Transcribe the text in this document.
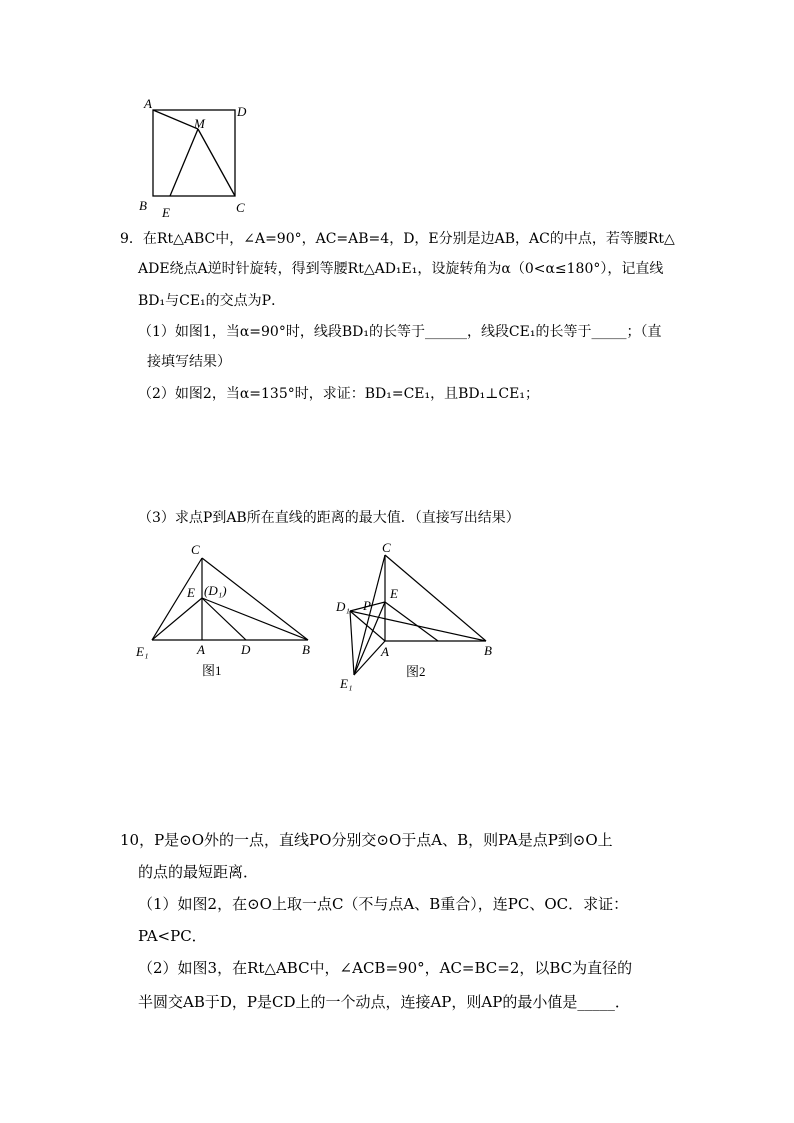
A
D
M
B E	C
9．在Rt△ABC中，∠A=90°，AC=AB=4，D，E分别是边AB，AC的中点，若等腰Rt△
ADE绕点A逆时针旋转，得到等腰Rt△AD₁E₁，设旋转角为α（0<α≤180°），记直线
BD₁与CE₁的交点为P．
（1）如图1，当α=90°时，线段BD₁的长等于______，线段CE₁的长等于_____；（直
接填写结果）
（2）如图2，当α=135°时，求证：BD₁=CE₁，且BD₁⊥CE₁；
（3）求点P到AB所在直线的距离的最大值．（直接写出结果）
C
E (D₁)
E₁	A	D	B
图1
C
D₁ P
E
A	B
E₁
图2
10，P是⊙O外的一点，直线PO分别交⊙O于点A、B，则PA是点P到⊙O上
的点的最短距离．
（1）如图2，在⊙O上取一点C（不与点A、B重合），连PC、OC．求证：
PA<PC．
（2）如图3，在Rt△ABC中，∠ACB=90°，AC=BC=2，以BC为直径的
半圆交AB于D，P是CD上的一个动点，连接AP，则AP的最小值是_____．
